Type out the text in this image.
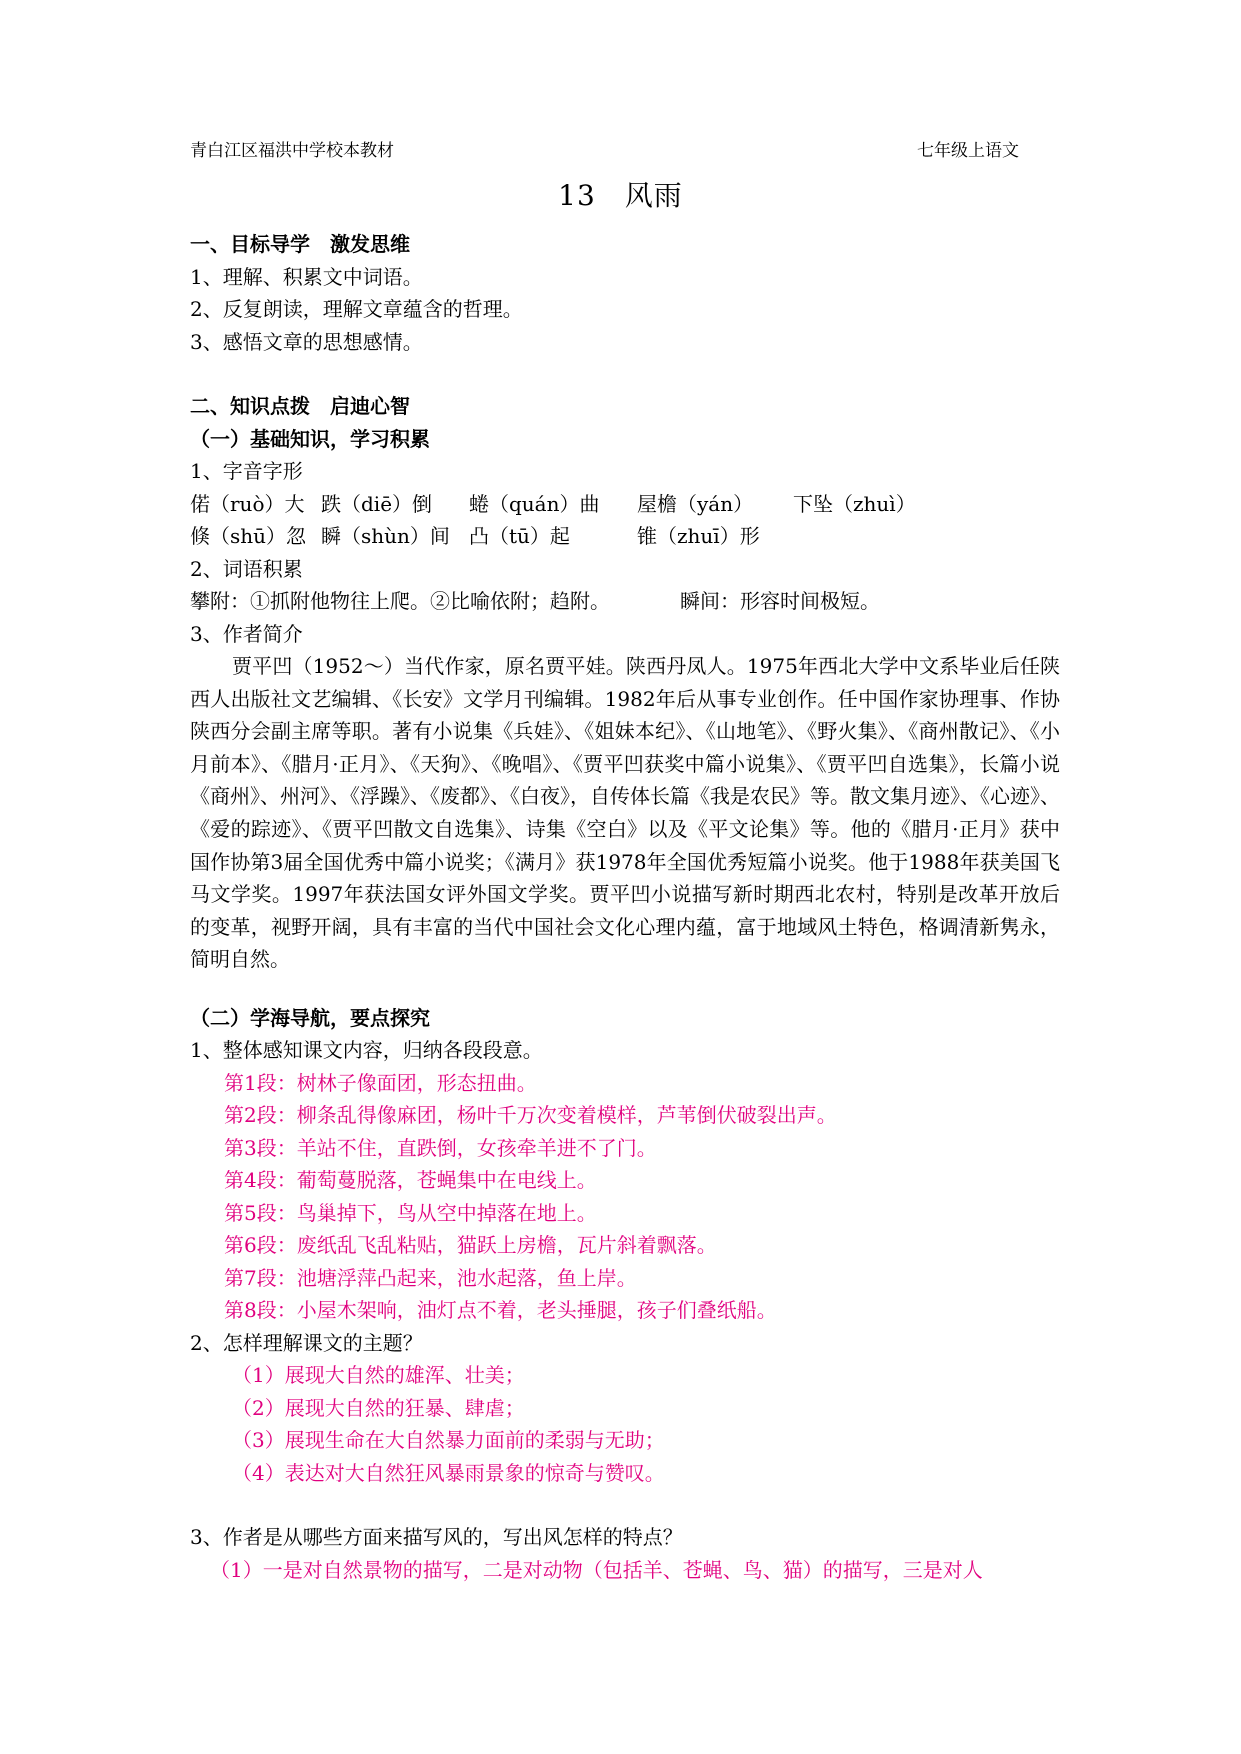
青白江区福洪中学校本教材	七年级上语文
13　风雨
一、目标导学　激发思维
1、理解、积累文中词语。
2、反复朗读，理解文章蕴含的哲理。
3、感悟文章的思想感情。
二、知识点拨　启迪心智
（一）基础知识，学习积累
1、字音字形
偌（ruò）大 跌（diē）倒 蜷（quán）曲 屋檐（yán） 下坠（zhuì）
倏（shū）忽 瞬（shùn）间 凸（tū）起	锥（zhuī）形
2、词语积累
攀附：①抓附他物往上爬。②比喻依附；趋附。　　　　瞬间：形容时间极短。
3、作者简介

贾平凹（1952～）当代作家，原名贾平娃。陕西丹凤人。1975年西北大学中文系毕业后任陕西人出版社文艺编辑、《长安》文学月刊编辑。1982年后从事专业创作。任中国作家协理事、作协陕西分会副主席等职。著有小说集《兵娃》、《姐妹本纪》、《山地笔》、《野火集》、《商州散记》、《小月前本》、《腊月·正月》、《天狗》、《晚唱》、《贾平凹获奖中篇小说集》、《贾平凹自选集》，长篇小说《商州》、州河》、《浮躁》、《废都》、《白夜》，自传体长篇《我是农民》等。散文集月迹》、《心迹》、《爱的踪迹》、《贾平凹散文自选集》、诗集《空白》以及《平文论集》等。他的《腊月·正月》获中国作协第3届全国优秀中篇小说奖；《满月》获1978年全国优秀短篇小说奖。他于1988年获美国飞马文学奖。1997年获法国女评外国文学奖。贾平凹小说描写新时期西北农村，特别是改革开放后的变革，视野开阔，具有丰富的当代中国社会文化心理内蕴，富于地域风土特色，格调清新隽永，简明自然。

（二）学海导航，要点探究
1、整体感知课文内容，归纳各段段意。
第1段：树林子像面团，形态扭曲。
第2段：柳条乱得像麻团，杨叶千万次变着模样，芦苇倒伏破裂出声。
第3段：羊站不住，直跌倒，女孩牵羊进不了门。
第4段：葡萄蔓脱落，苍蝇集中在电线上。
第5段：鸟巢掉下，鸟从空中掉落在地上。
第6段：废纸乱飞乱粘贴，猫跃上房檐，瓦片斜着飘落。
第7段：池塘浮萍凸起来，池水起落，鱼上岸。
第8段：小屋木架响，油灯点不着，老头捶腿，孩子们叠纸船。
2、怎样理解课文的主题？
（1）展现大自然的雄浑、壮美；
（2）展现大自然的狂暴、肆虐；
（3）展现生命在大自然暴力面前的柔弱与无助；
（4）表达对大自然狂风暴雨景象的惊奇与赞叹。
3、作者是从哪些方面来描写风的，写出风怎样的特点？
（1）一是对自然景物的描写，二是对动物（包括羊、苍蝇、鸟、猫）的描写，三是对人
